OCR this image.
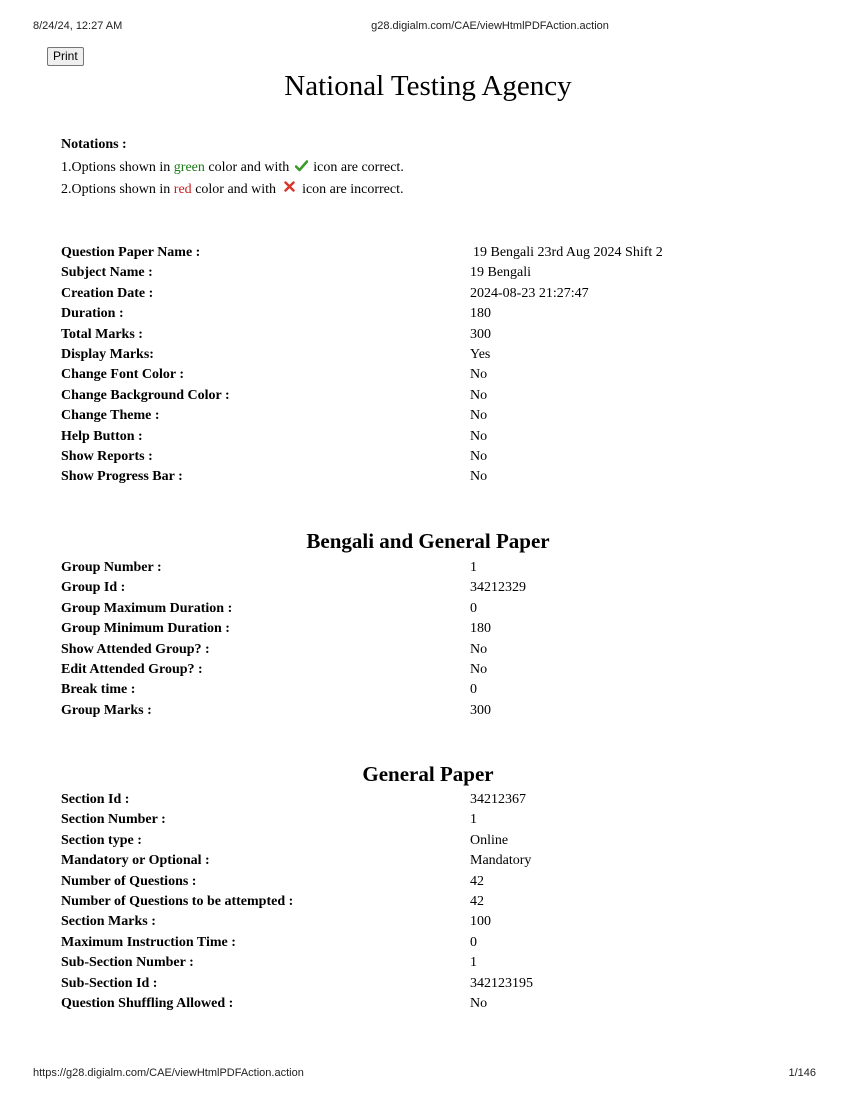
8/24/24, 12:27 AM	g28.digialm.com/CAE/viewHtmlPDFAction.action
Print
National Testing Agency
Notations :
1.Options shown in green color and with  icon are correct.
2.Options shown in red color and with  icon are incorrect.
Question Paper Name :	19 Bengali 23rd Aug 2024 Shift 2
Subject Name :	19 Bengali
Creation Date :	2024-08-23 21:27:47
Duration :	180
Total Marks :	300
Display Marks:	Yes
Change Font Color :	No
Change Background Color :	No
Change Theme :	No
Help Button :	No
Show Reports :	No
Show Progress Bar :	No
Bengali and General Paper
Group Number :	1
Group Id :	34212329
Group Maximum Duration :	0
Group Minimum Duration :	180
Show Attended Group? :	No
Edit Attended Group? :	No
Break time :	0
Group Marks :	300
General Paper
Section Id :	34212367
Section Number :	1
Section type :	Online
Mandatory or Optional :	Mandatory
Number of Questions :	42
Number of Questions to be attempted :	42
Section Marks :	100
Maximum Instruction Time :	0
Sub-Section Number :	1
Sub-Section Id :	342123195
Question Shuffling Allowed :	No
https://g28.digialm.com/CAE/viewHtmlPDFAction.action	1/146
